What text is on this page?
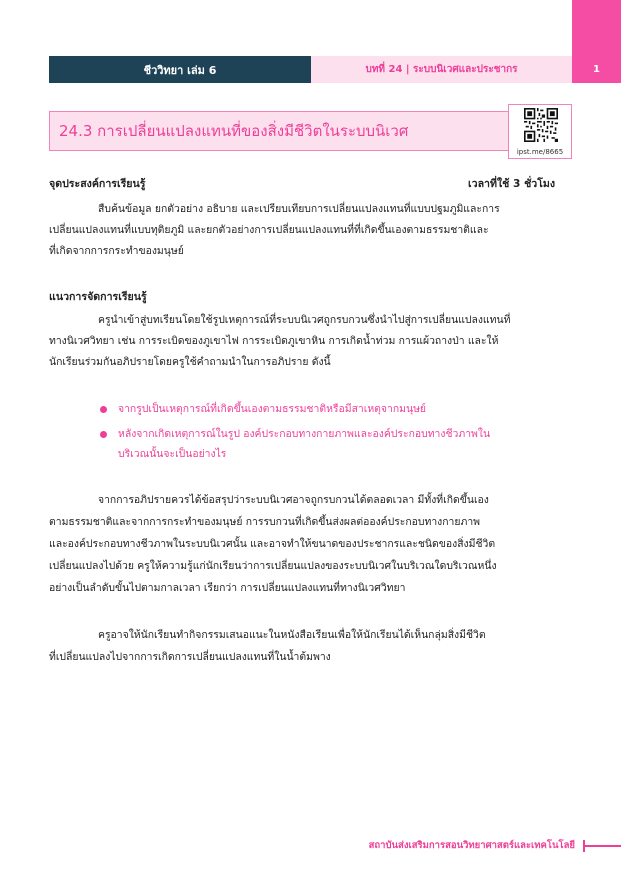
ชีววิทยา เล่ม 6	บทที่ 24 | ระบบนิเวศและประชากร	1
24.3 การเปลี่ยนแปลงแทนที่ของสิ่งมีชีวิตในระบบนิเวศ
ipst.me/8665
จุดประสงค์การเรียนรู้	เวลาที่ใช้ 3 ชั่วโมง
สืบค้นข้อมูล ยกตัวอย่าง อธิบาย และเปรียบเทียบการเปลี่ยนแปลงแทนที่แบบปฐมภูมิและการ
เปลี่ยนแปลงแทนที่แบบทุติยภูมิ และยกตัวอย่างการเปลี่ยนแปลงแทนที่ที่เกิดขึ้นเองตามธรรมชาติและ
ที่เกิดจากการกระทำของมนุษย์
แนวการจัดการเรียนรู้
ครูนำเข้าสู่บทเรียนโดยใช้รูปเหตุการณ์ที่ระบบนิเวศถูกรบกวนซึ่งนำไปสู่การเปลี่ยนแปลงแทนที่
ทางนิเวศวิทยา เช่น การระเบิดของภูเขาไฟ การระเบิดภูเขาหิน การเกิดน้ำท่วม การแผ้วถางป่า และให้
นักเรียนร่วมกันอภิปรายโดยครูใช้คำถามนำในการอภิปราย ดังนี้
จากรูปเป็นเหตุการณ์ที่เกิดขึ้นเองตามธรรมชาติหรือมีสาเหตุจากมนุษย์
หลังจากเกิดเหตุการณ์ในรูป องค์ประกอบทางกายภาพและองค์ประกอบทางชีวภาพใน
บริเวณนั้นจะเป็นอย่างไร
จากการอภิปรายควรได้ข้อสรุปว่าระบบนิเวศอาจถูกรบกวนได้ตลอดเวลา มีทั้งที่เกิดขึ้นเอง
ตามธรรมชาติและจากการกระทำของมนุษย์ การรบกวนที่เกิดขึ้นส่งผลต่อองค์ประกอบทางกายภาพ
และองค์ประกอบทางชีวภาพในระบบนิเวศนั้น และอาจทำให้ขนาดของประชากรและชนิดของสิ่งมีชีวิต
เปลี่ยนแปลงไปด้วย ครูให้ความรู้แก่นักเรียนว่าการเปลี่ยนแปลงของระบบนิเวศในบริเวณใดบริเวณหนึ่ง
อย่างเป็นลำดับขั้นไปตามกาลเวลา เรียกว่า การเปลี่ยนแปลงแทนที่ทางนิเวศวิทยา
ครูอาจให้นักเรียนทำกิจกรรมเสนอแนะในหนังสือเรียนเพื่อให้นักเรียนได้เห็นกลุ่มสิ่งมีชีวิต
ที่เปลี่ยนแปลงไปจากการเกิดการเปลี่ยนแปลงแทนที่ในน้ำต้มพาง
สถาบันส่งเสริมการสอนวิทยาศาสตร์และเทคโนโลยี
